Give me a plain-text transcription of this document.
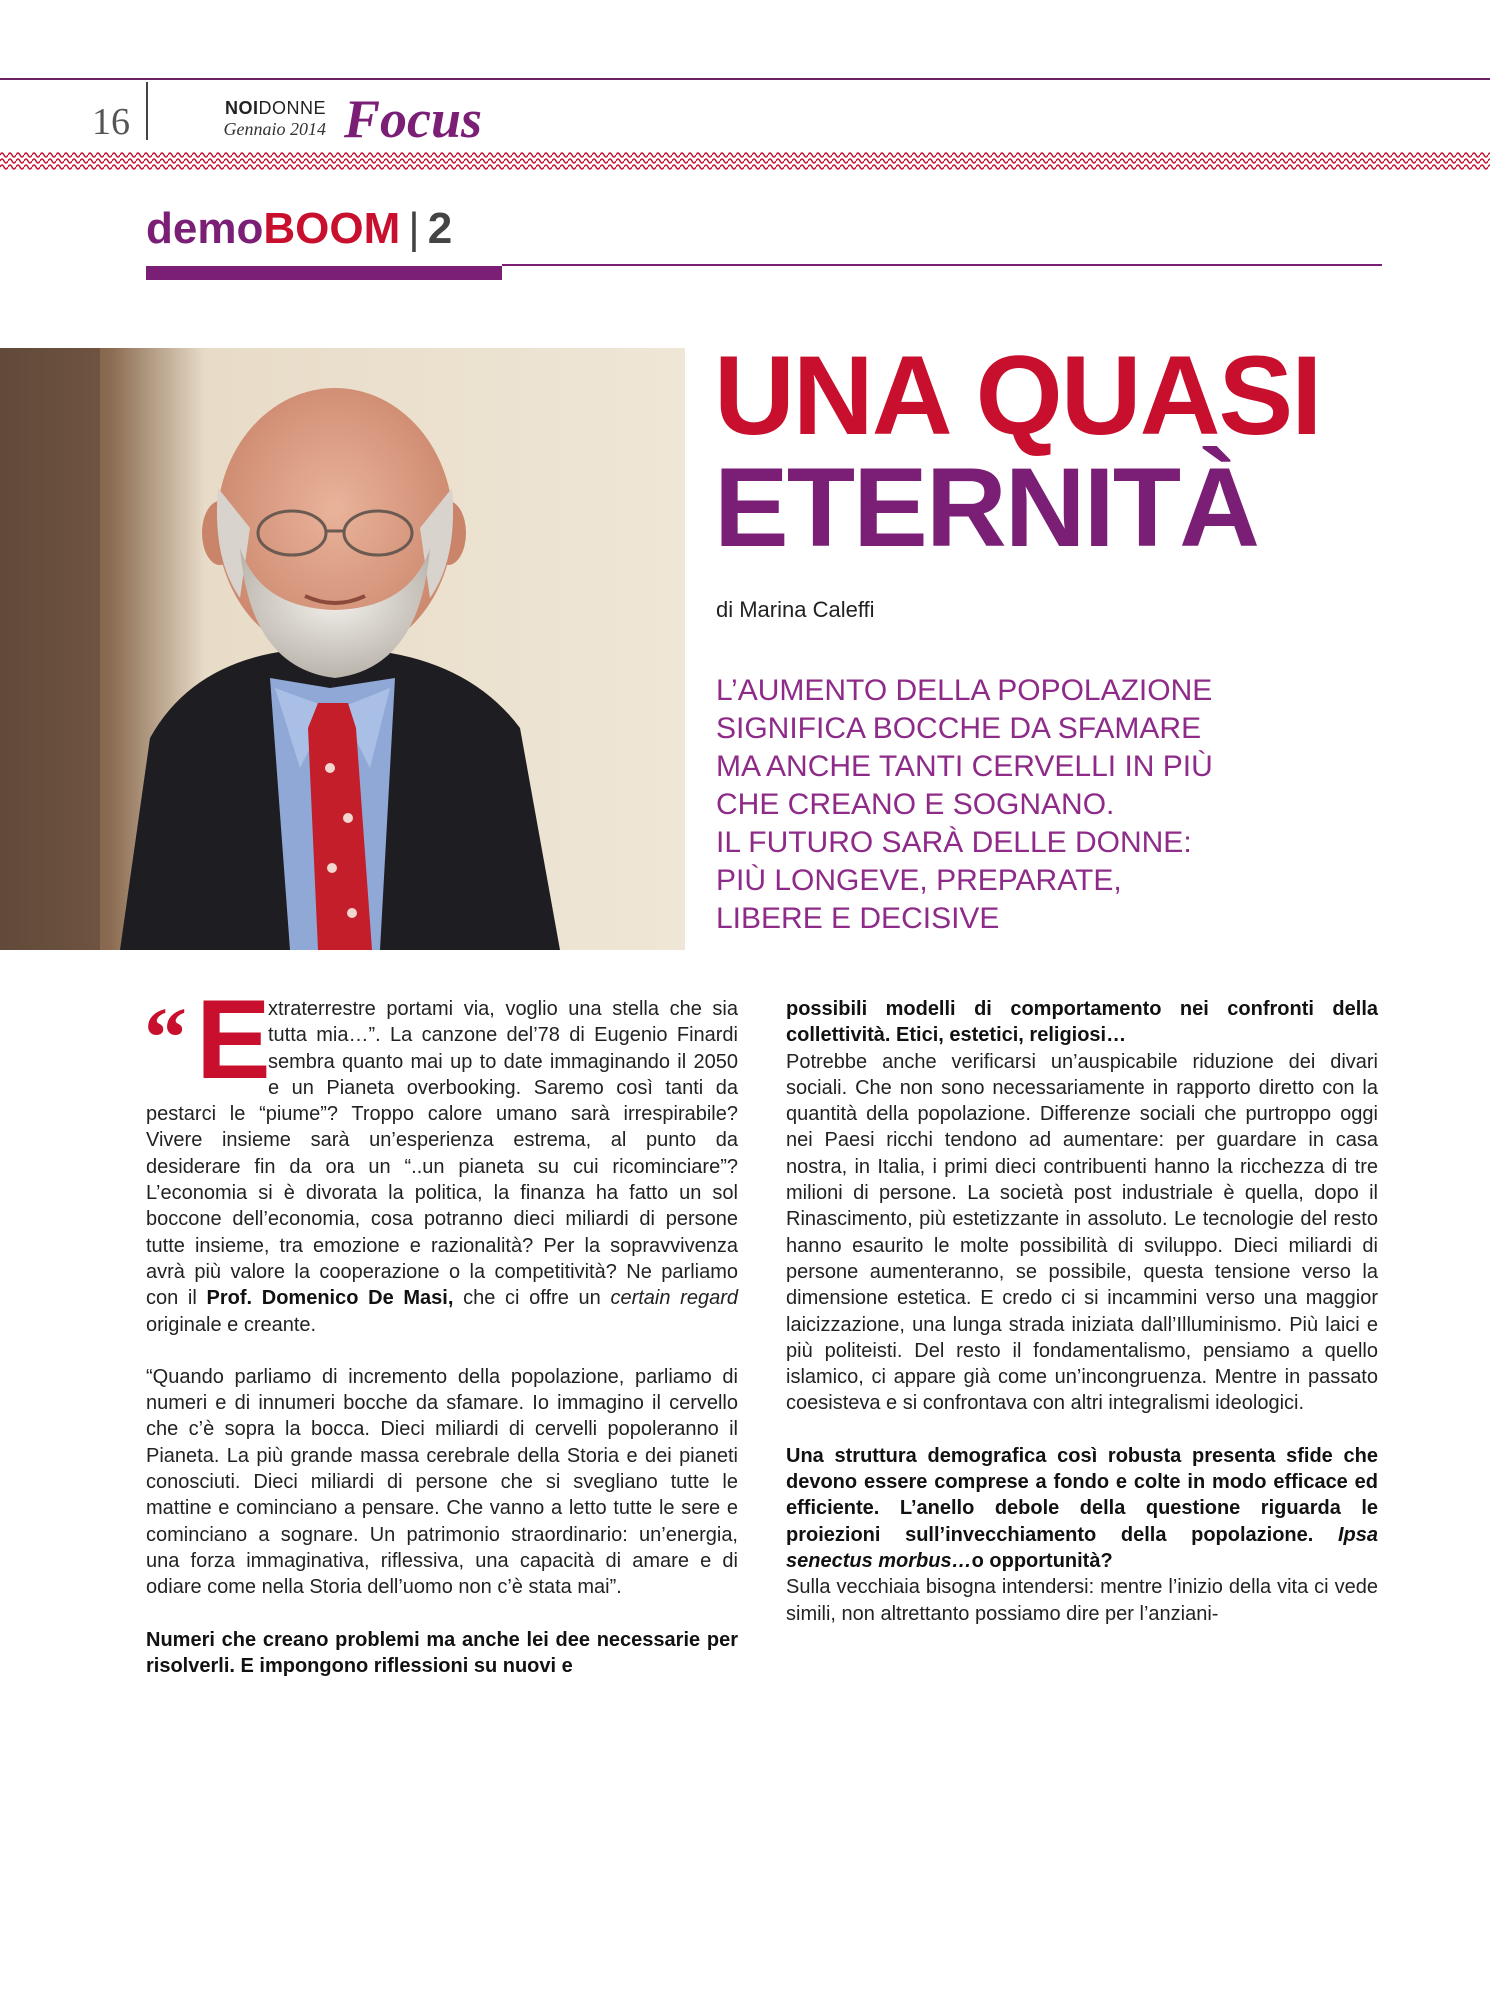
16	NOIDONNE
Gennaio 2014 Focus
demoBOOM | 2
UNA QUASI
ETERNITÀ
di Marina Caleffi
L’AUMENTO DELLA POPOLAZIONE
SIGNIFICA BOCCHE DA SFAMARE
MA ANCHE TANTI CERVELLI IN PIÙ
CHE CREANO E SOGNANO.
IL FUTURO SARÀ DELLE DONNE:
PIÙ LONGEVE, PREPARATE,
LIBERE E DECISIVE

“ E
xtraterrestre portami via, voglio una stella che sia tutta mia…”. La canzone del’78 di Eugenio Finardi sembra quanto mai up to date immaginando il 2050 e un Pianeta overbooking. Saremo così tanti da pestarci le “piume”? Troppo calore umano sarà irrespirabile? Vivere insieme sarà un’esperienza estrema, al punto da desiderare fin da ora un “..un pianeta su cui ricominciare”? L’economia si è divorata la politica, la finanza ha fatto un sol boccone dell’economia, cosa potranno dieci miliardi di persone tutte insieme, tra emozione e razionalità? Per la sopravvivenza avrà più valore la cooperazione o la competitività? Ne parliamo con il Prof. Domenico De Masi, che ci offre un certain regard originale e creante.

“Quando parliamo di incremento della popolazione, parliamo di numeri e di innumeri bocche da sfamare. Io immagino il cervello che c’è sopra la bocca. Dieci miliardi di cervelli popoleranno il Pianeta. La più grande massa cerebrale della Storia e dei pianeti conosciuti. Dieci miliardi di persone che si svegliano tutte le mattine e cominciano a pensare. Che vanno a letto tutte le sere e cominciano a sognare. Un patrimonio straordinario: un’energia, una forza immaginativa, riflessiva, una capacità di amare e di odiare come nella Storia dell’uomo non c’è stata mai”.

Numeri che creano problemi ma anche lei dee necessarie per risolverli. E impongono riflessioni su nuovi e

possibili modelli di comportamento nei confronti della collettività. Etici, estetici, religiosi…

Potrebbe anche verificarsi un’auspicabile riduzione dei divari sociali. Che non sono necessariamente in rapporto diretto con la quantità della popolazione. Differenze sociali che purtroppo oggi nei Paesi ricchi tendono ad aumentare: per guardare in casa nostra, in Italia, i primi dieci contribuenti hanno la ricchezza di tre milioni di persone. La società post industriale è quella, dopo il Rinascimento, più estetizzante in assoluto. Le tecnologie del resto hanno esaurito le molte possibilità di sviluppo. Dieci miliardi di persone aumenteranno, se possibile, questa tensione verso la dimensione estetica. E credo ci si incammini verso una maggior laicizzazione, una lunga strada iniziata dall’Illuminismo. Più laici e più politeisti. Del resto il fondamentalismo, pensiamo a quello islamico, ci appare già come un’incongruenza. Mentre in passato coesisteva e si confrontava con altri integralismi ideologici.

Una struttura demografica così robusta presenta sfide che devono essere comprese a fondo e colte in modo efficace ed efficiente. L’anello debole della questione riguarda le proiezioni sull’invecchiamento della popolazione. Ipsa senectus morbus…o opportunità?

Sulla vecchiaia bisogna intendersi: mentre l’inizio della vita ci vede simili, non altrettanto possiamo dire per l’anziani-
